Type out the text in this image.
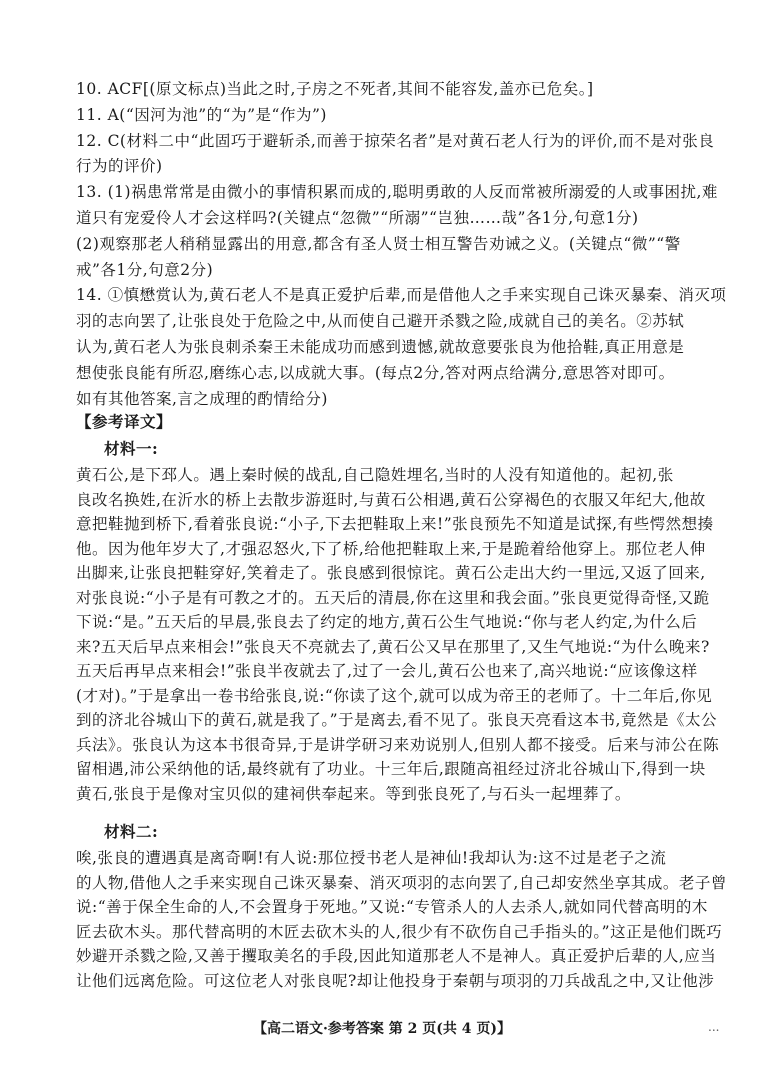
10. ACF[(原文标点)当此之时,子房之不死者,其间不能容发,盖亦已危矣。]
11. A(“因河为池”的“为”是“作为”)
12. C(材料二中“此固巧于避斩杀,而善于掠荣名者”是对黄石老人行为的评价,而不是对张良
行为的评价)
13. (1)祸患常常是由微小的事情积累而成的,聪明勇敢的人反而常被所溺爱的人或事困扰,难
道只有宠爱伶人才会这样吗?(关键点“忽微”“所溺”“岂独……哉”各1分,句意1分)
(2)观察那老人稍稍显露出的用意,都含有圣人贤士相互警告劝诫之义。(关键点“微”“警
戒”各1分,句意2分)
14. ①慎懋赏认为,黄石老人不是真正爱护后辈,而是借他人之手来实现自己诛灭暴秦、消灭项
羽的志向罢了,让张良处于危险之中,从而使自己避开杀戮之险,成就自己的美名。②苏轼
认为,黄石老人为张良刺杀秦王未能成功而感到遗憾,就故意要张良为他拾鞋,真正用意是
想使张良能有所忍,磨练心志,以成就大事。(每点2分,答对两点给满分,意思答对即可。
如有其他答案,言之成理的酌情给分)
【参考译文】
材料一:
黄石公,是下邳人。遇上秦时候的战乱,自己隐姓埋名,当时的人没有知道他的。起初,张
良改名换姓,在沂水的桥上去散步游逛时,与黄石公相遇,黄石公穿褐色的衣服又年纪大,他故
意把鞋抛到桥下,看着张良说:“小子,下去把鞋取上来!”张良预先不知道是试探,有些愕然想揍
他。因为他年岁大了,才强忍怒火,下了桥,给他把鞋取上来,于是跪着给他穿上。那位老人伸
出脚来,让张良把鞋穿好,笑着走了。张良感到很惊诧。黄石公走出大约一里远,又返了回来,
对张良说:“小子是有可教之才的。五天后的清晨,你在这里和我会面。”张良更觉得奇怪,又跪
下说:“是。”五天后的早晨,张良去了约定的地方,黄石公生气地说:“你与老人约定,为什么后
来?五天后早点来相会!”张良天不亮就去了,黄石公又早在那里了,又生气地说:“为什么晚来?
五天后再早点来相会!”张良半夜就去了,过了一会儿,黄石公也来了,高兴地说:“应该像这样
(才对)。”于是拿出一卷书给张良,说:“你读了这个,就可以成为帝王的老师了。十二年后,你见
到的济北谷城山下的黄石,就是我了。”于是离去,看不见了。张良天亮看这本书,竟然是《太公
兵法》。张良认为这本书很奇异,于是讲学研习来劝说别人,但别人都不接受。后来与沛公在陈
留相遇,沛公采纳他的话,最终就有了功业。十三年后,跟随高祖经过济北谷城山下,得到一块
黄石,张良于是像对宝贝似的建祠供奉起来。等到张良死了,与石头一起埋葬了。
材料二:
唉,张良的遭遇真是离奇啊!有人说:那位授书老人是神仙!我却认为:这不过是老子之流
的人物,借他人之手来实现自己诛灭暴秦、消灭项羽的志向罢了,自己却安然坐享其成。老子曾
说:“善于保全生命的人,不会置身于死地。”又说:“专管杀人的人去杀人,就如同代替高明的木
匠去砍木头。那代替高明的木匠去砍木头的人,很少有不砍伤自己手指头的。”这正是他们既巧
妙避开杀戮之险,又善于攫取美名的手段,因此知道那老人不是神人。真正爱护后辈的人,应当
让他们远离危险。可这位老人对张良呢?却让他投身于秦朝与项羽的刀兵战乱之中,又让他涉
【高二语文·参考答案 第 2 页(共 4 页)】	...
